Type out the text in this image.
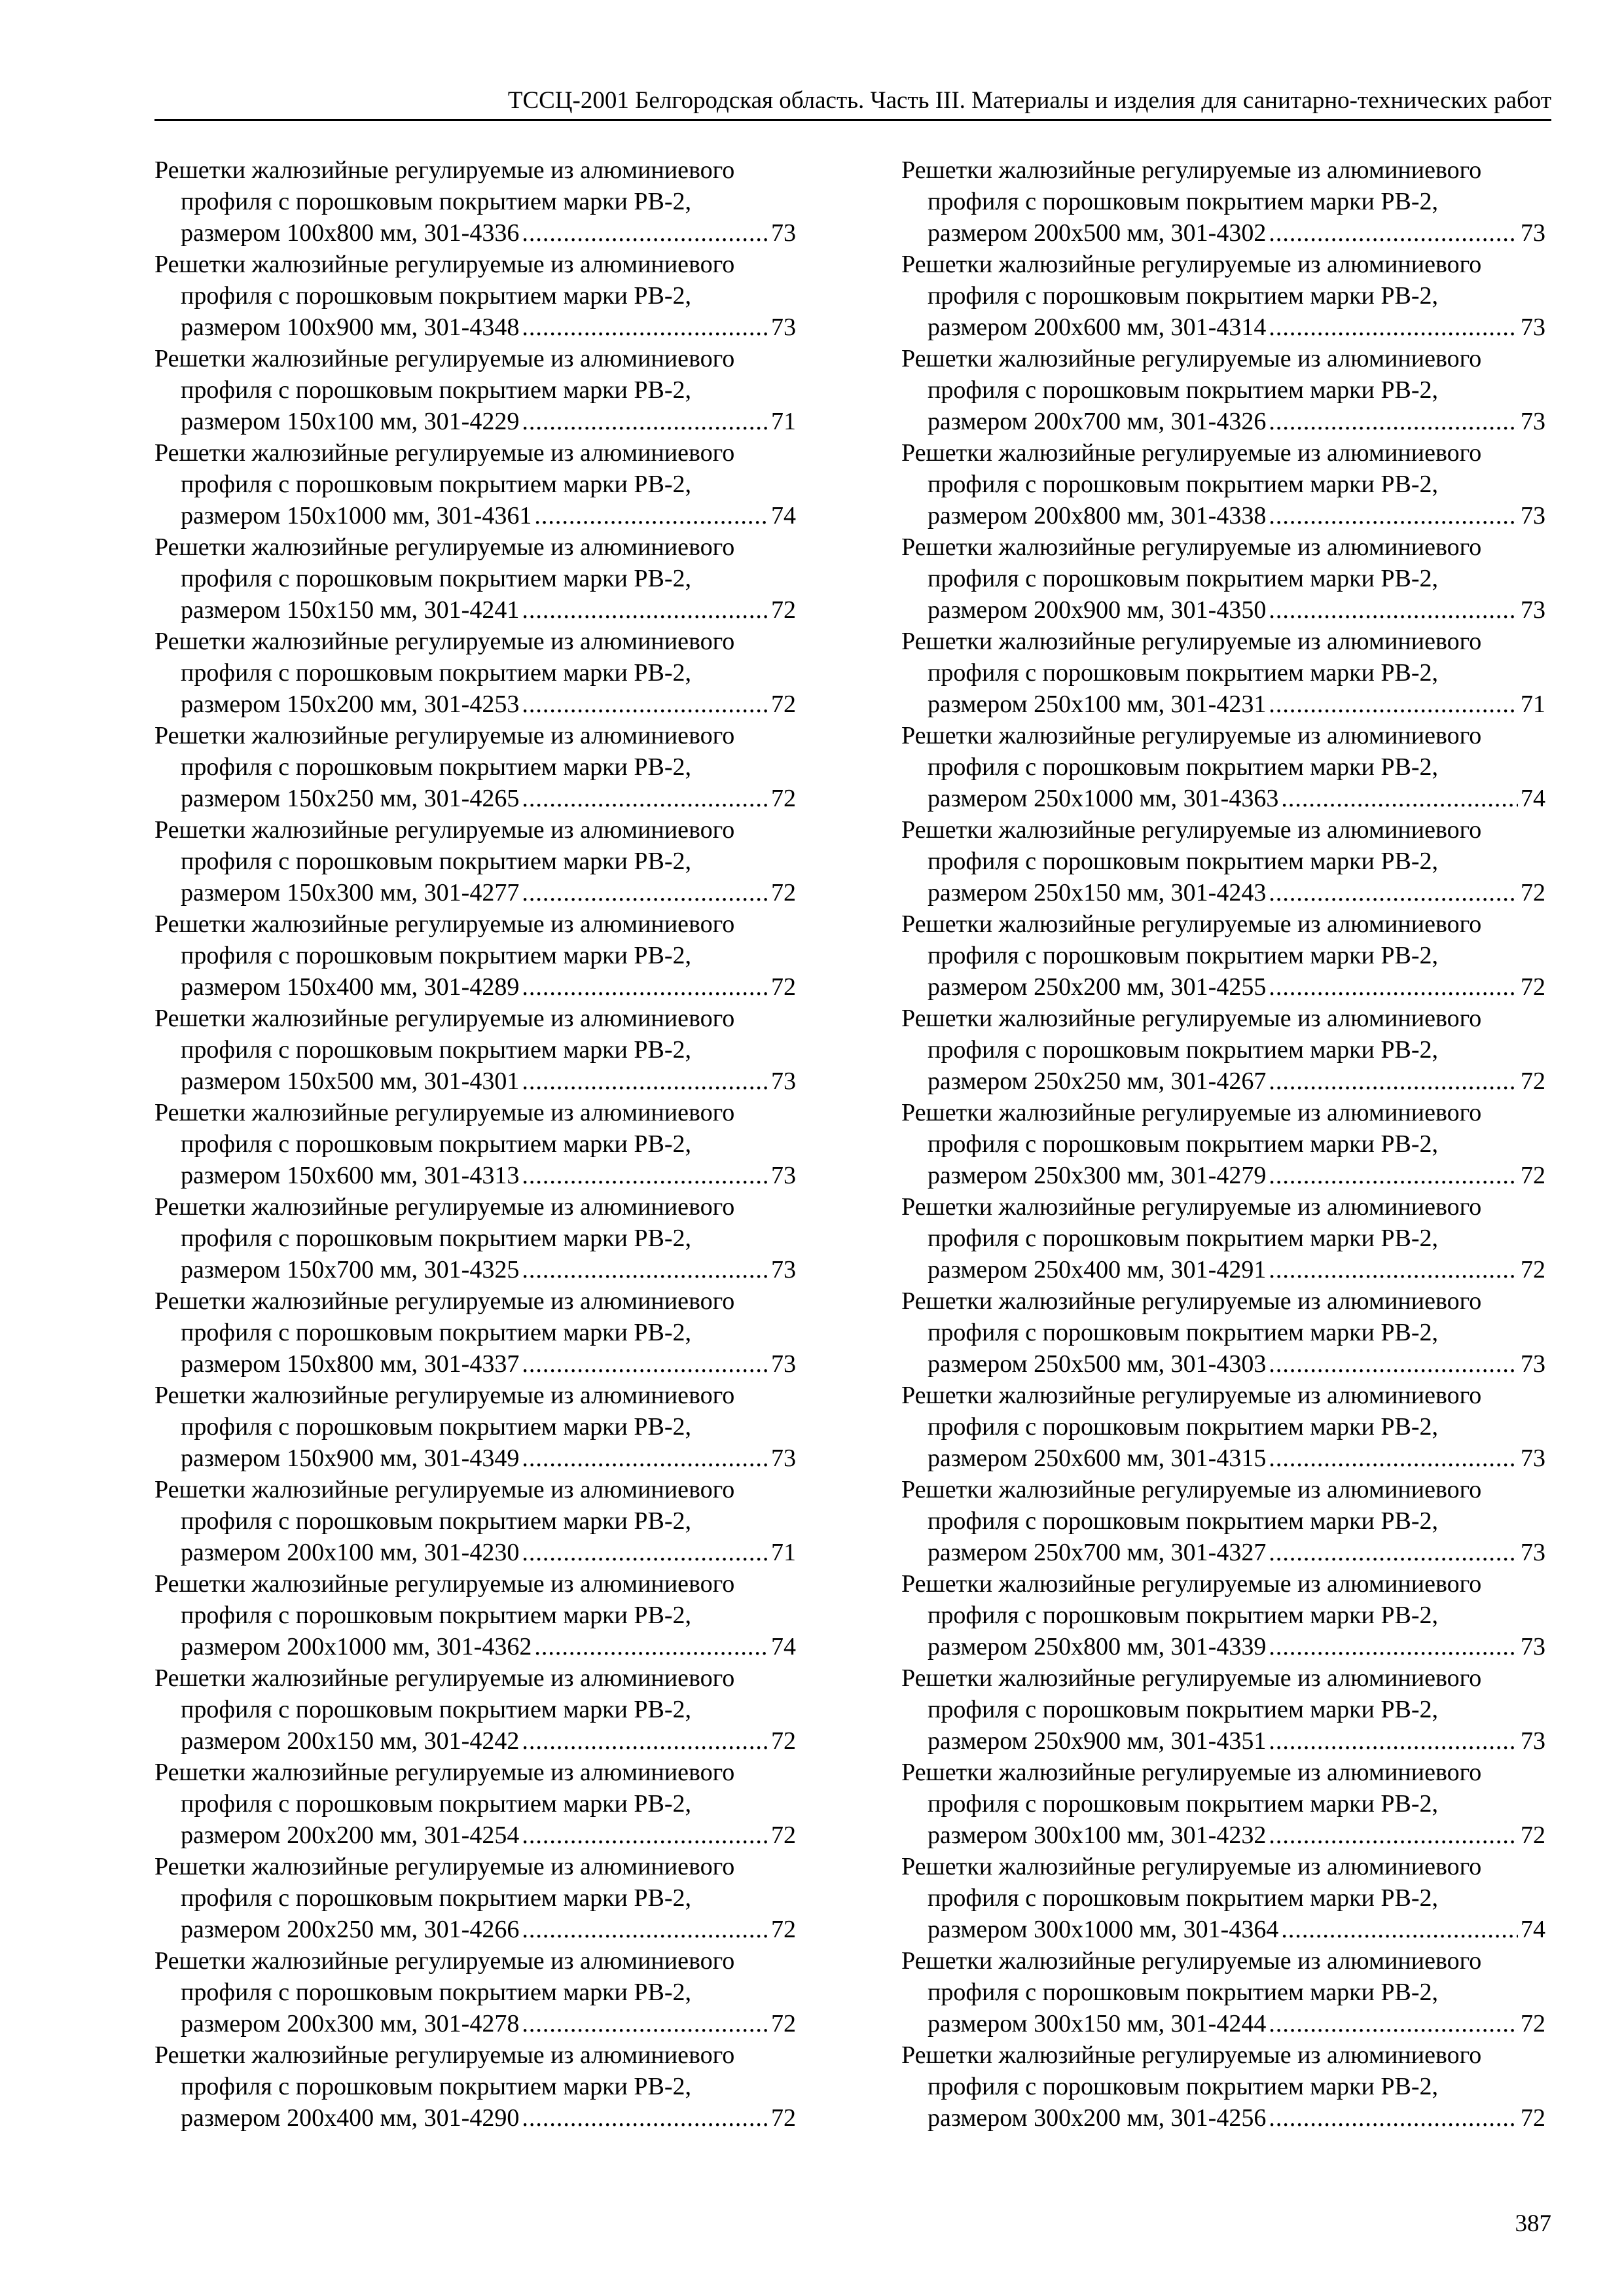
ТССЦ-2001 Белгородская область. Часть III. Материалы и изделия для санитарно-технических работ
Решетки жалюзийные регулируемые из алюминиевого
профиля с порошковым покрытием марки РВ-2,
размером 100х800 мм, 301-4336 .....	73
Решетки жалюзийные регулируемые из алюминиевого
профиля с порошковым покрытием марки РВ-2,
размером 100х900 мм, 301-4348 .....	73
Решетки жалюзийные регулируемые из алюминиевого
профиля с порошковым покрытием марки РВ-2,
размером 150х100 мм, 301-4229 .....	71
Решетки жалюзийные регулируемые из алюминиевого
профиля с порошковым покрытием марки РВ-2,
размером 150х1000 мм, 301-4361 .....	74
Решетки жалюзийные регулируемые из алюминиевого
профиля с порошковым покрытием марки РВ-2,
размером 150х150 мм, 301-4241 .....	72
Решетки жалюзийные регулируемые из алюминиевого
профиля с порошковым покрытием марки РВ-2,
размером 150х200 мм, 301-4253 .....	72
Решетки жалюзийные регулируемые из алюминиевого
профиля с порошковым покрытием марки РВ-2,
размером 150х250 мм, 301-4265 .....	72
Решетки жалюзийные регулируемые из алюминиевого
профиля с порошковым покрытием марки РВ-2,
размером 150х300 мм, 301-4277 .....	72
Решетки жалюзийные регулируемые из алюминиевого
профиля с порошковым покрытием марки РВ-2,
размером 150х400 мм, 301-4289 .....	72
Решетки жалюзийные регулируемые из алюминиевого
профиля с порошковым покрытием марки РВ-2,
размером 150х500 мм, 301-4301 .....	73
Решетки жалюзийные регулируемые из алюминиевого
профиля с порошковым покрытием марки РВ-2,
размером 150х600 мм, 301-4313 .....	73
Решетки жалюзийные регулируемые из алюминиевого
профиля с порошковым покрытием марки РВ-2,
размером 150х700 мм, 301-4325 .....	73
Решетки жалюзийные регулируемые из алюминиевого
профиля с порошковым покрытием марки РВ-2,
размером 150х800 мм, 301-4337 .....	73
Решетки жалюзийные регулируемые из алюминиевого
профиля с порошковым покрытием марки РВ-2,
размером 150х900 мм, 301-4349 .....	73
Решетки жалюзийные регулируемые из алюминиевого
профиля с порошковым покрытием марки РВ-2,
размером 200х100 мм, 301-4230 .....	71
Решетки жалюзийные регулируемые из алюминиевого
профиля с порошковым покрытием марки РВ-2,
размером 200х1000 мм, 301-4362 .....	74
Решетки жалюзийные регулируемые из алюминиевого
профиля с порошковым покрытием марки РВ-2,
размером 200х150 мм, 301-4242 .....	72
Решетки жалюзийные регулируемые из алюминиевого
профиля с порошковым покрытием марки РВ-2,
размером 200х200 мм, 301-4254 .....	72
Решетки жалюзийные регулируемые из алюминиевого
профиля с порошковым покрытием марки РВ-2,
размером 200х250 мм, 301-4266 .....	72
Решетки жалюзийные регулируемые из алюминиевого
профиля с порошковым покрытием марки РВ-2,
размером 200х300 мм, 301-4278 .....	72
Решетки жалюзийные регулируемые из алюминиевого
профиля с порошковым покрытием марки РВ-2,
размером 200х400 мм, 301-4290 .....	72
Решетки жалюзийные регулируемые из алюминиевого
профиля с порошковым покрытием марки РВ-2,
размером 200х500 мм, 301-4302 .....	73
Решетки жалюзийные регулируемые из алюминиевого
профиля с порошковым покрытием марки РВ-2,
размером 200х600 мм, 301-4314 .....	73
Решетки жалюзийные регулируемые из алюминиевого
профиля с порошковым покрытием марки РВ-2,
размером 200х700 мм, 301-4326 .....	73
Решетки жалюзийные регулируемые из алюминиевого
профиля с порошковым покрытием марки РВ-2,
размером 200х800 мм, 301-4338 .....	73
Решетки жалюзийные регулируемые из алюминиевого
профиля с порошковым покрытием марки РВ-2,
размером 200х900 мм, 301-4350 .....	73
Решетки жалюзийные регулируемые из алюминиевого
профиля с порошковым покрытием марки РВ-2,
размером 250х100 мм, 301-4231 .....	71
Решетки жалюзийные регулируемые из алюминиевого
профиля с порошковым покрытием марки РВ-2,
размером 250х1000 мм, 301-4363 .....	74
Решетки жалюзийные регулируемые из алюминиевого
профиля с порошковым покрытием марки РВ-2,
размером 250х150 мм, 301-4243 .....	72
Решетки жалюзийные регулируемые из алюминиевого
профиля с порошковым покрытием марки РВ-2,
размером 250х200 мм, 301-4255 .....	72
Решетки жалюзийные регулируемые из алюминиевого
профиля с порошковым покрытием марки РВ-2,
размером 250х250 мм, 301-4267 .....	72
Решетки жалюзийные регулируемые из алюминиевого
профиля с порошковым покрытием марки РВ-2,
размером 250х300 мм, 301-4279 .....	72
Решетки жалюзийные регулируемые из алюминиевого
профиля с порошковым покрытием марки РВ-2,
размером 250х400 мм, 301-4291 .....	72
Решетки жалюзийные регулируемые из алюминиевого
профиля с порошковым покрытием марки РВ-2,
размером 250х500 мм, 301-4303 .....	73
Решетки жалюзийные регулируемые из алюминиевого
профиля с порошковым покрытием марки РВ-2,
размером 250х600 мм, 301-4315 .....	73
Решетки жалюзийные регулируемые из алюминиевого
профиля с порошковым покрытием марки РВ-2,
размером 250х700 мм, 301-4327 .....	73
Решетки жалюзийные регулируемые из алюминиевого
профиля с порошковым покрытием марки РВ-2,
размером 250х800 мм, 301-4339 .....	73
Решетки жалюзийные регулируемые из алюминиевого
профиля с порошковым покрытием марки РВ-2,
размером 250х900 мм, 301-4351 .....	73
Решетки жалюзийные регулируемые из алюминиевого
профиля с порошковым покрытием марки РВ-2,
размером 300х100 мм, 301-4232 .....	72
Решетки жалюзийные регулируемые из алюминиевого
профиля с порошковым покрытием марки РВ-2,
размером 300х1000 мм, 301-4364 .....	74
Решетки жалюзийные регулируемые из алюминиевого
профиля с порошковым покрытием марки РВ-2,
размером 300х150 мм, 301-4244 .....	72
Решетки жалюзийные регулируемые из алюминиевого
профиля с порошковым покрытием марки РВ-2,
размером 300х200 мм, 301-4256 .....	72
387
